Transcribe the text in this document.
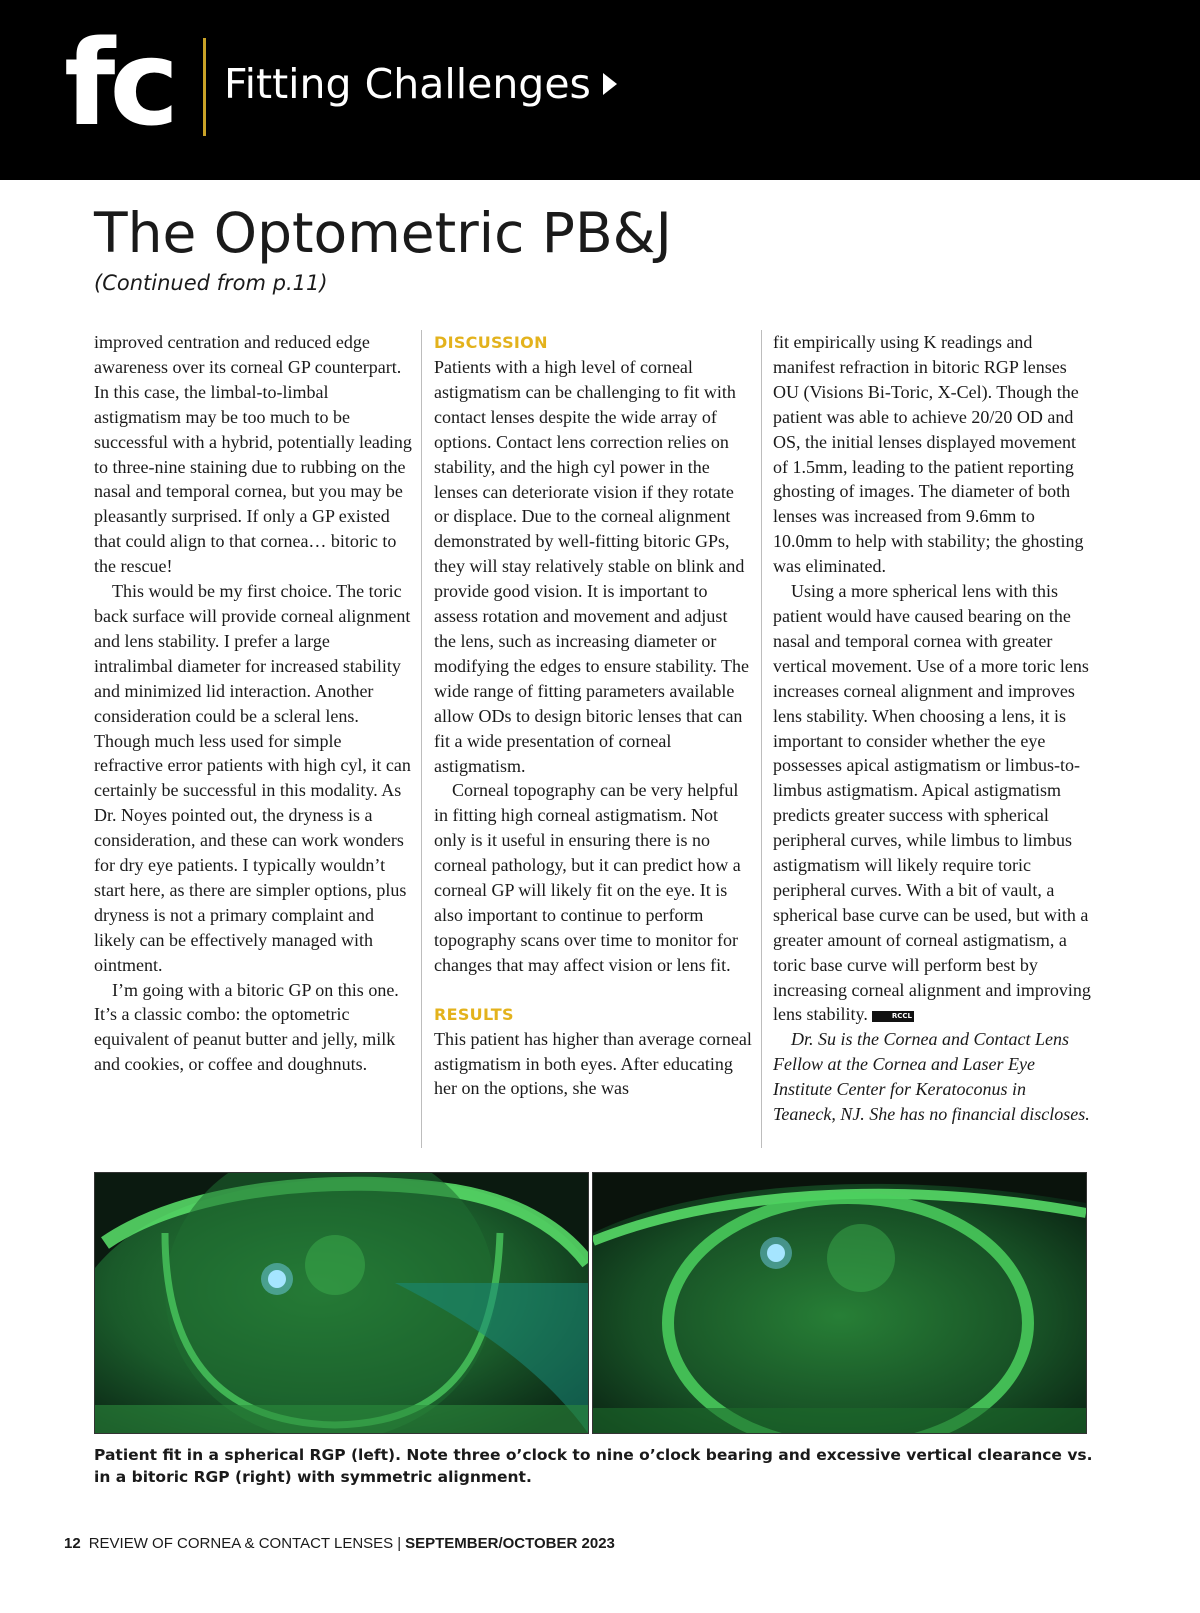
fc Fitting Challenges
The Optometric PB&J
(Continued from p.11)

improved centration and reduced edge awareness over its corneal GP counterpart. In this case, the limbal-to-limbal astigmatism may be too much to be successful with a hybrid, potentially leading to three-nine staining due to rubbing on the nasal and temporal cornea, but you may be pleasantly surprised. If only a GP existed that could align to that cornea… bitoric to the rescue!

This would be my first choice. The toric back surface will provide corneal alignment and lens stability. I prefer a large intralimbal diameter for increased stability and minimized lid interaction. Another consideration could be a scleral lens. Though much less used for simple refractive error patients with high cyl, it can certainly be successful in this modality. As Dr. Noyes pointed out, the dryness is a consideration, and these can work wonders for dry eye patients. I typically wouldn’t start here, as there are simpler options, plus dryness is not a primary complaint and likely can be effectively managed with ointment.

I’m going with a bitoric GP on this one. It’s a classic combo: the optometric equivalent of peanut butter and jelly, milk and cookies, or coffee and doughnuts.

DISCUSSION

Patients with a high level of corneal astigmatism can be challenging to fit with contact lenses despite the wide array of options. Contact lens correction relies on stability, and the high cyl power in the lenses can deteriorate vision if they rotate or displace. Due to the corneal alignment demonstrated by well-fitting bitoric GPs, they will stay relatively stable on blink and provide good vision. It is important to assess rotation and movement and adjust the lens, such as increasing diameter or modifying the edges to ensure stability. The wide range of fitting parameters available allow ODs to design bitoric lenses that can fit a wide presentation of corneal astigmatism.

Corneal topography can be very helpful in fitting high corneal astigmatism. Not only is it useful in ensuring there is no corneal pathology, but it can predict how a corneal GP will likely fit on the eye. It is also important to continue to perform topography scans over time to monitor for changes that may affect vision or lens fit.

RESULTS

This patient has higher than average corneal astigmatism in both eyes. After educating her on the options, she was

fit empirically using K readings and manifest refraction in bitoric RGP lenses OU (Visions Bi-Toric, X-Cel). Though the patient was able to achieve 20/20 OD and OS, the initial lenses displayed movement of 1.5mm, leading to the patient reporting ghosting of images. The diameter of both lenses was increased from 9.6mm to 10.0mm to help with stability; the ghosting was eliminated.

Using a more spherical lens with this patient would have caused bearing on the nasal and temporal cornea with greater vertical movement. Use of a more toric lens increases corneal alignment and improves lens stability. When choosing a lens, it is important to consider whether the eye possesses apical astigmatism or limbus-to-limbus astigmatism. Apical astigmatism predicts greater success with spherical peripheral curves, while limbus to limbus astigmatism will likely require toric peripheral curves. With a bit of vault, a spherical base curve can be used, but with a greater amount of corneal astigmatism, a toric base curve will perform best by increasing corneal alignment and improving lens stability.	RCCL

Dr. Su is the Cornea and Contact Lens Fellow at the Cornea and Laser Eye Institute Center for Keratoconus in Teaneck, NJ. She has no financial discloses.

Patient fit in a spherical RGP (left). Note three o’clock to nine o’clock bearing and excessive vertical clearance vs. in a bitoric RGP (right) with symmetric alignment.
12 REVIEW OF CORNEA & CONTACT LENSES | SEPTEMBER/OCTOBER 2023
